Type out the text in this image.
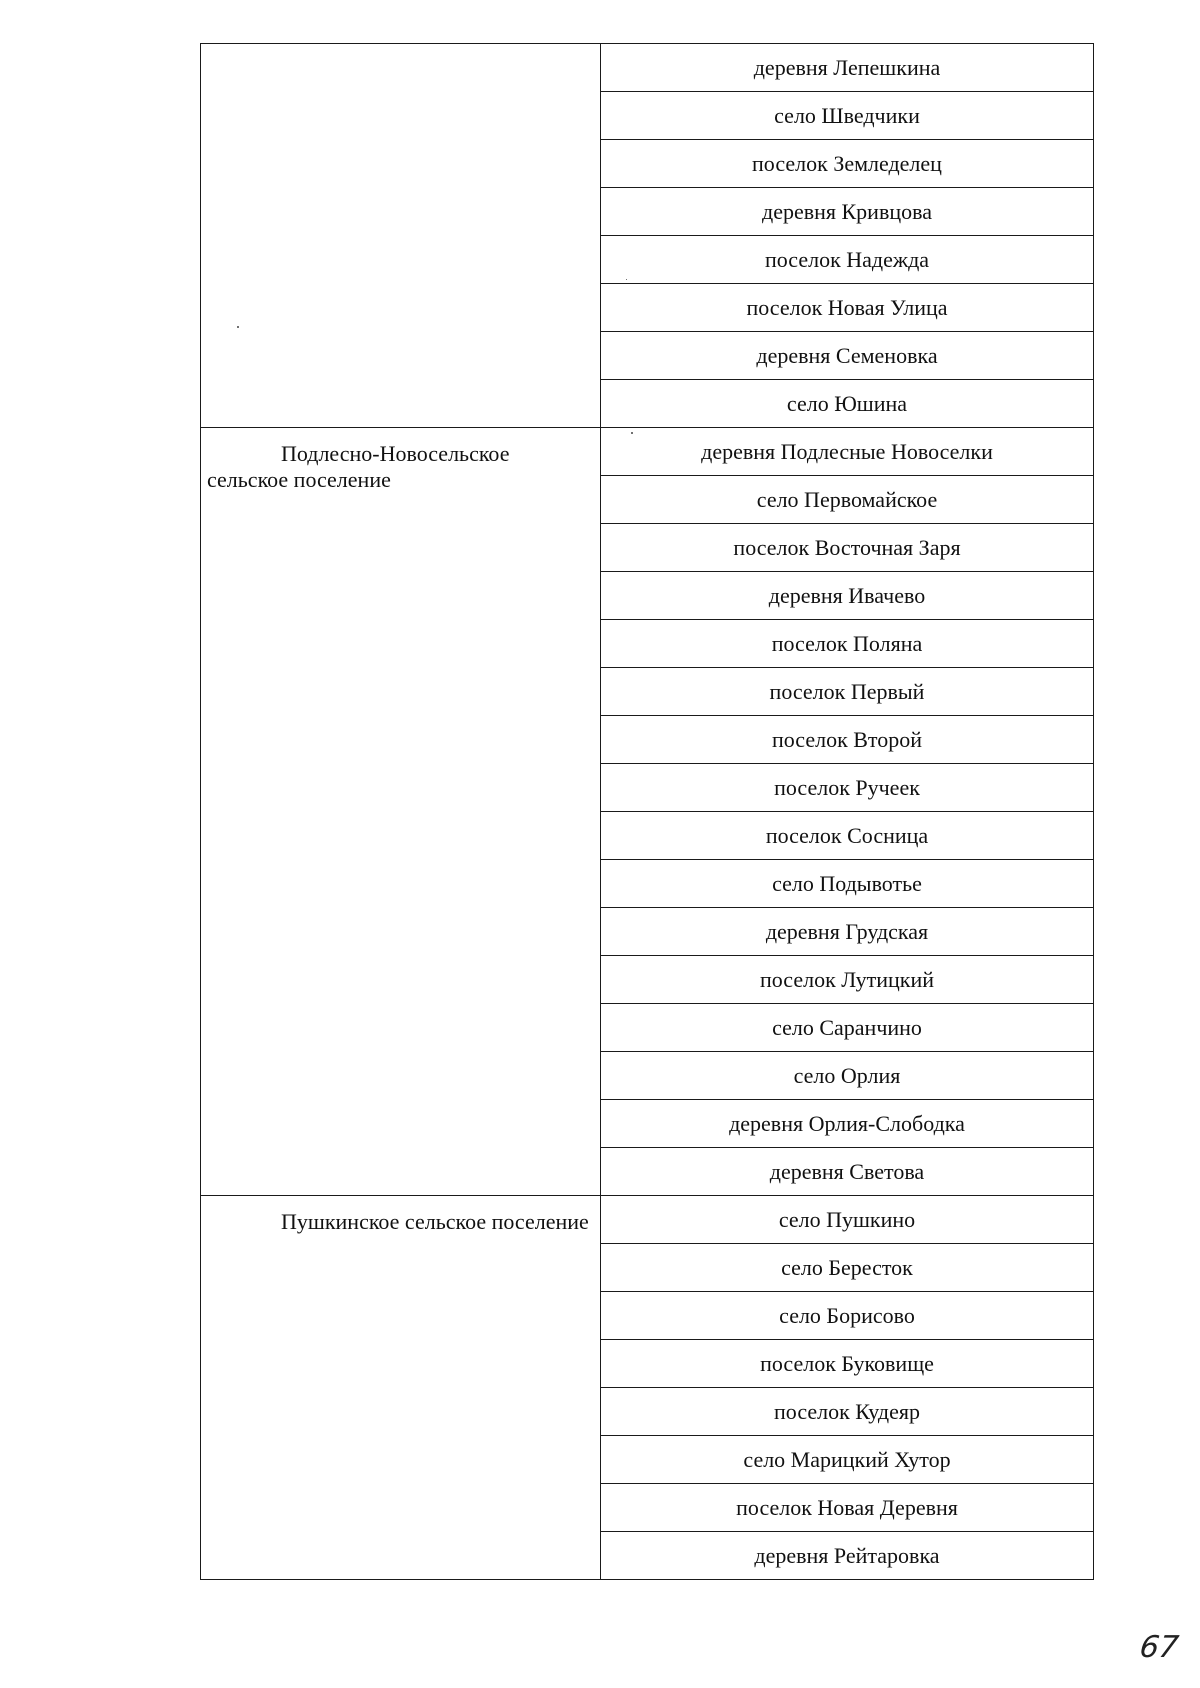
	деревня Лепешкина
	село Шведчики
	поселок Земледелец
	деревня Кривцова
	поселок Надежда
	поселок Новая Улица
	деревня Семеновка
	село Юшина
Подлесно-Новосельское сельское поселение	деревня Подлесные Новоселки
	село Первомайское
	поселок Восточная Заря
	деревня Ивачево
	поселок Поляна
	поселок Первый
	поселок Второй
	поселок Ручеек
	поселок Сосница
	село Подывотье
	деревня Грудская
	поселок Лутицкий
	село Саранчино
	село Орлия
	деревня Орлия-Слободка
	деревня Светова
Пушкинское сельское поселение	село Пушкино
	село Бересток
	село Борисово
	поселок Буковище
	поселок Кудеяр
	село Марицкий Хутор
	поселок Новая Деревня
	деревня Рейтаровка
67
